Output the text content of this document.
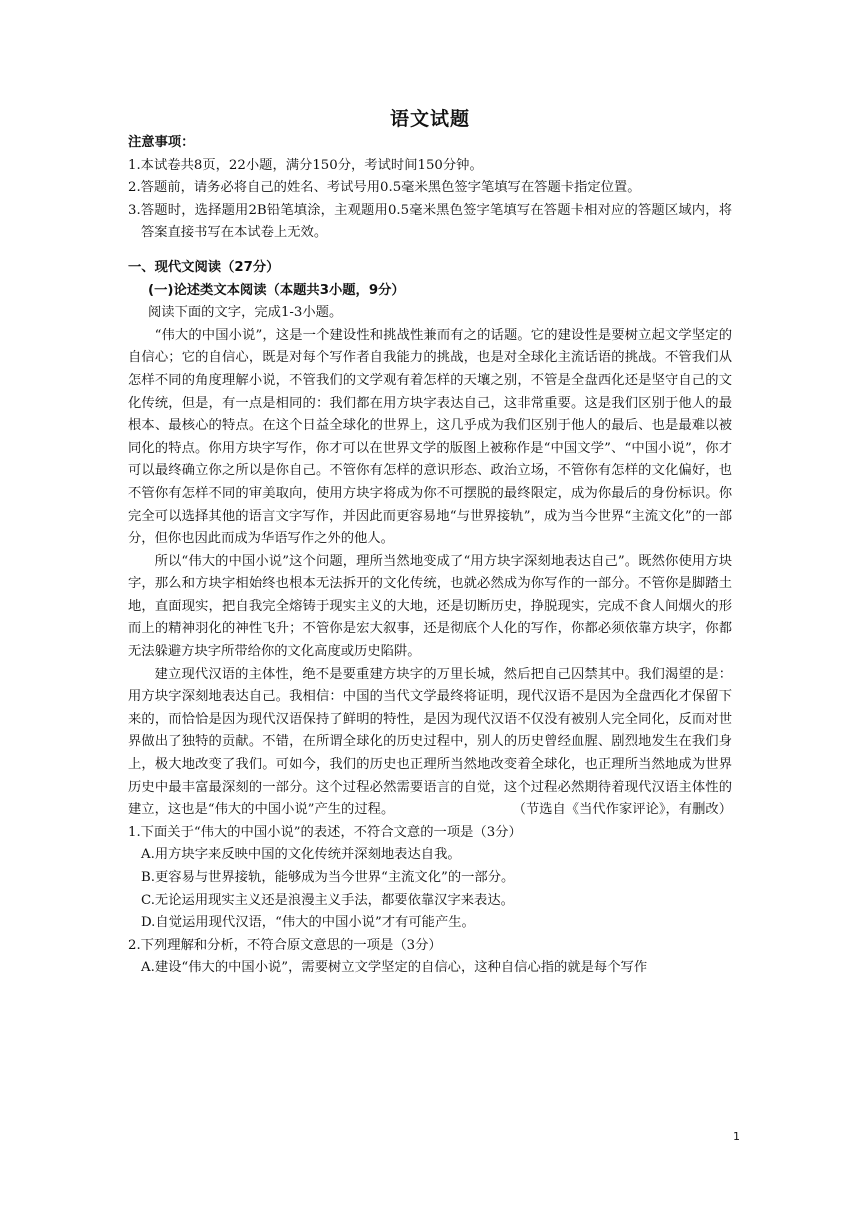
语文试题

注意事项：

1.本试卷共8页，22小题，满分150分，考试时间150分钟。

2.答题前，请务必将自己的姓名、考试号用0.5毫米黑色签字笔填写在答题卡指定位置。

3.答题时，选择题用2B铅笔填涂，主观题用0.5毫米黑色签字笔填写在答题卡相对应的答题区域内，将答案直接书写在本试卷上无效。

一、现代文阅读（27分）

(一)论述类文本阅读（本题共3小题，9分）

阅读下面的文字，完成1-3小题。

“伟大的中国小说”，这是一个建设性和挑战性兼而有之的话题。它的建设性是要树立起文学坚定的自信心；它的自信心，既是对每个写作者自我能力的挑战，也是对全球化主流话语的挑战。不管我们从怎样不同的角度理解小说，不管我们的文学观有着怎样的天壤之别，不管是全盘西化还是坚守自己的文化传统，但是，有一点是相同的：我们都在用方块字表达自己，这非常重要。这是我们区别于他人的最根本、最核心的特点。在这个日益全球化的世界上，这几乎成为我们区别于他人的最后、也是最难以被同化的特点。你用方块字写作，你才可以在世界文学的版图上被称作是“中国文学”、“中国小说”，你才可以最终确立你之所以是你自己。不管你有怎样的意识形态、政治立场，不管你有怎样的文化偏好，也不管你有怎样不同的审美取向，使用方块字将成为你不可摆脱的最终限定，成为你最后的身份标识。你完全可以选择其他的语言文字写作，并因此而更容易地“与世界接轨”，成为当今世界“主流文化”的一部分，但你也因此而成为华语写作之外的他人。

所以“伟大的中国小说”这个问题，理所当然地变成了“用方块字深刻地表达自己”。既然你使用方块字，那么和方块字相始终也根本无法拆开的文化传统，也就必然成为你写作的一部分。不管你是脚踏土地，直面现实，把自我完全熔铸于现实主义的大地，还是切断历史，挣脱现实，完成不食人间烟火的形而上的精神羽化的神性飞升；不管你是宏大叙事，还是彻底个人化的写作，你都必须依靠方块字，你都无法躲避方块字所带给你的文化高度或历史陷阱。

建立现代汉语的主体性，绝不是要重建方块字的万里长城，然后把自己囚禁其中。我们渴望的是：用方块字深刻地表达自己。我相信：中国的当代文学最终将证明，现代汉语不是因为全盘西化才保留下来的，而恰恰是因为现代汉语保持了鲜明的特性，是因为现代汉语不仅没有被别人完全同化，反而对世界做出了独特的贡献。不错，在所谓全球化的历史过程中，别人的历史曾经血腥、剧烈地发生在我们身上，极大地改变了我们。可如今，我们的历史也正理所当然地改变着全球化，也正理所当然地成为世界历史中最丰富最深刻的一部分。这个过程必然需要语言的自觉，这个过程必然期待着现代汉语主体性的建立，这也是“伟大的中国小说”产生的过程。	（节选自《当代作家评论》，有删改）

1.下面关于“伟大的中国小说”的表述，不符合文意的一项是（3分）

A.用方块字来反映中国的文化传统并深刻地表达自我。

B.更容易与世界接轨，能够成为当今世界“主流文化”的一部分。

C.无论运用现实主义还是浪漫主义手法，都要依靠汉字来表达。

D.自觉运用现代汉语，“伟大的中国小说”才有可能产生。

2.下列理解和分析，不符合原文意思的一项是（3分）

A.建设“伟大的中国小说”，需要树立文学坚定的自信心，这种自信心指的就是每个写作

1
